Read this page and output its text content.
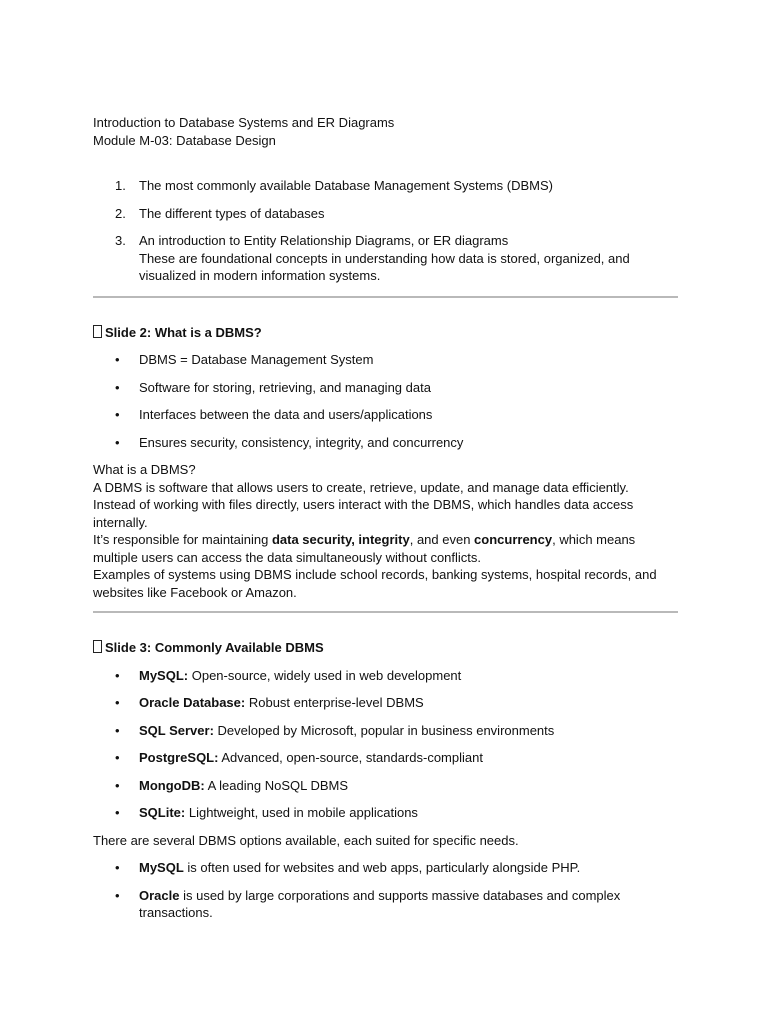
Introduction to Database Systems and ER Diagrams

Module M-03: Database Design

1. The most commonly available Database Management Systems (DBMS)
2. The different types of databases
3. An introduction to Entity Relationship Diagrams, or ER diagrams
These are foundational concepts in understanding how data is stored, organized, and visualized in modern information systems.

Slide 2: What is a DBMS?

• DBMS = Database Management System
• Software for storing, retrieving, and managing data
• Interfaces between the data and users/applications
• Ensures security, consistency, integrity, and concurrency
What is a DBMS?
A DBMS is software that allows users to create, retrieve, update, and manage data efficiently.
Instead of working with files directly, users interact with the DBMS, which handles data access internally.
It’s responsible for maintaining data security, integrity, and even concurrency, which means multiple users can access the data simultaneously without conflicts.
Examples of systems using DBMS include school records, banking systems, hospital records, and websites like Facebook or Amazon.

Slide 3: Commonly Available DBMS

• MySQL: Open-source, widely used in web development
• Oracle Database: Robust enterprise-level DBMS
• SQL Server: Developed by Microsoft, popular in business environments
• PostgreSQL: Advanced, open-source, standards-compliant
• MongoDB: A leading NoSQL DBMS
• SQLite: Lightweight, used in mobile applications

There are several DBMS options available, each suited for specific needs.

• MySQL is often used for websites and web apps, particularly alongside PHP.
• Oracle is used by large corporations and supports massive databases and complex transactions.
